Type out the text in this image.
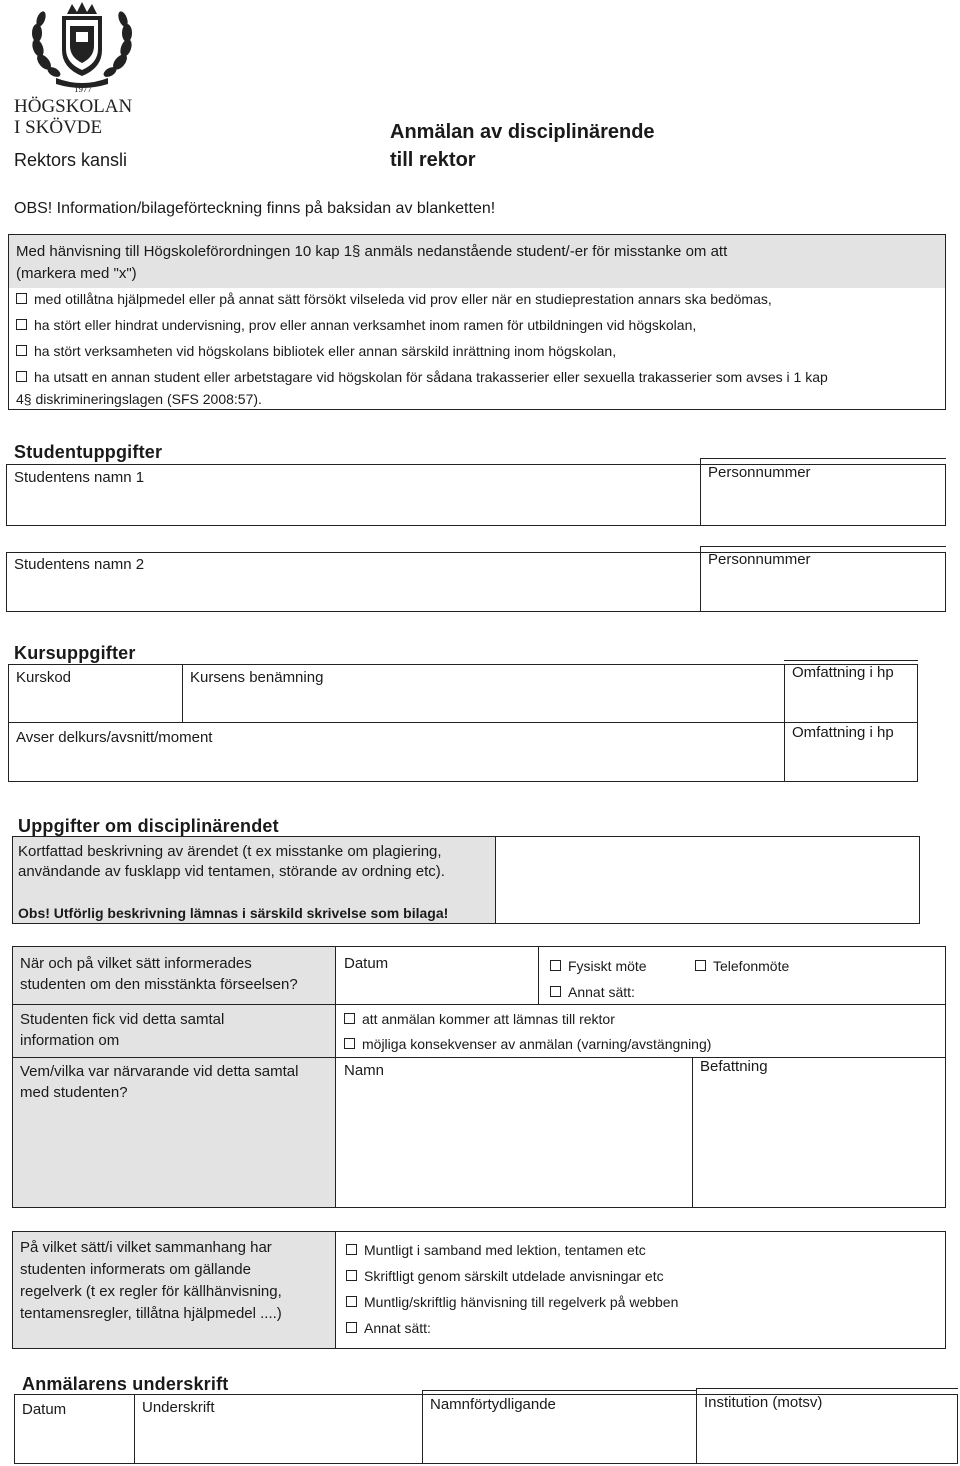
1977
HÖGSKOLAN
I SKÖVDE
Rektors kansli
Anmälan av disciplinärende
till rektor
OBS! Information/bilageförteckning finns på baksidan av blanketten!
Med hänvisning till Högskoleförordningen 10 kap 1§ anmäls nedanstående student/-er för misstanke om att
(markera med "x")
med otillåtna hjälpmedel eller på annat sätt försökt vilseleda vid prov eller när en studieprestation annars ska bedömas,
ha stört eller hindrat undervisning, prov eller annan verksamhet inom ramen för utbildningen vid högskolan,
ha stört verksamheten vid högskolans bibliotek eller annan särskild inrättning inom högskolan,
ha utsatt en annan student eller arbetstagare vid högskolan för sådana trakasserier eller sexuella trakasserier som avses i 1 kap
4§ diskrimineringslagen (SFS 2008:57).
Studentuppgifter
Studentens namn 1	Personnummer
Studentens namn 2	Personnummer
Kursuppgifter
Kurskod	Kursens benämning	Omfattning i hp
Avser delkurs/avsnitt/moment	Omfattning i hp
Uppgifter om disciplinärendet
Kortfattad beskrivning av ärendet (t ex misstanke om plagiering,
användande av fusklapp vid tentamen, störande av ordning etc).
Obs! Utförlig beskrivning lämnas i särskild skrivelse som bilaga!
När och på vilket sätt informerades
studenten om den misstänkta förseelsen?
Datum	Fysiskt möte	Telefonmöte
Annat sätt:
Studenten fick vid detta samtal
information om
att anmälan kommer att lämnas till rektor
möjliga konsekvenser av anmälan (varning/avstängning)
Vem/vilka var närvarande vid detta samtal
med studenten?
Namn	Befattning
På vilket sätt/i vilket sammanhang har
studenten informerats om gällande
regelverk (t ex regler för källhänvisning,
tentamensregler, tillåtna hjälpmedel ....)
Muntligt i samband med lektion, tentamen etc
Skriftligt genom särskilt utdelade anvisningar etc
Muntlig/skriftlig hänvisning till regelverk på webben
Annat sätt:
Anmälarens underskrift
Datum	Underskrift	Namnförtydligande	Institution (motsv)
